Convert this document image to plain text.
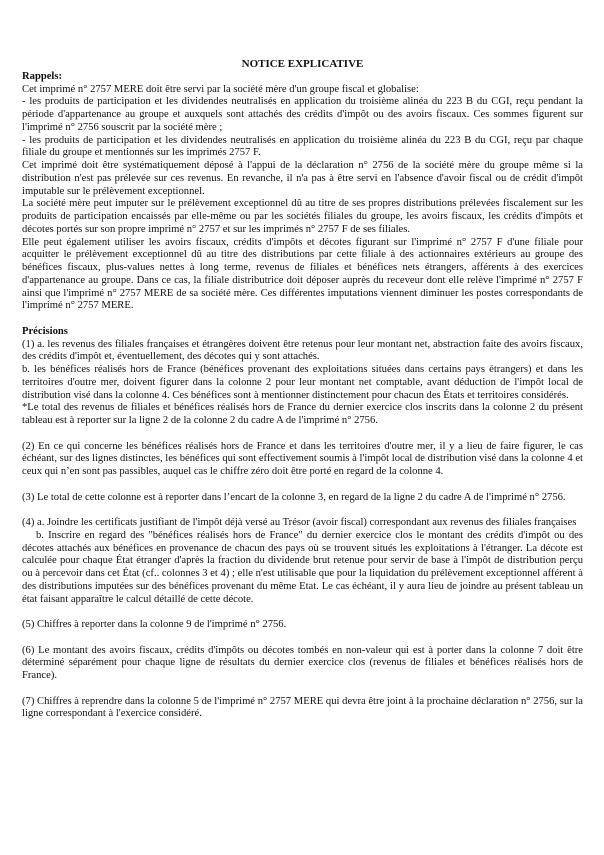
NOTICE EXPLICATIVE

Rappels:

Cet imprimé n° 2757 MERE doit être servi par la société mère d'un groupe fiscal et globalise:

- les produits de participation et les dividendes neutralisés en application du troisième alinéa du 223 B du CGI, reçu pendant la période d'appartenance au groupe et auxquels sont attachés des crédits d'impôt ou des avoirs fiscaux. Ces sommes figurent sur l'imprimé n° 2756 souscrit par la société mère ;

- les produits de participation et les dividendes neutralisés en application du troisième alinéa du 223 B du CGI, reçu par chaque filiale du groupe et mentionnés sur les imprimés 2757 F.

Cet imprimé doit être systématiquement déposé à l'appui de la déclaration n° 2756 de la société mère du groupe même si la distribution n'est pas prélevée sur ces revenus. En revanche, il n'a pas à être servi en l'absence d'avoir fiscal ou de crédit d'impôt imputable sur le prélèvement exceptionnel.

La société mère peut imputer sur le prélèvement exceptionnel dû au titre de ses propres distributions prélevées fiscalement sur les produits de participation encaissés par elle-même ou par les sociétés filiales du groupe, les avoirs fiscaux, les crédits d'impôts et décotes portés sur son propre imprimé n° 2757 et sur les imprimés n° 2757 F de ses filiales.

Elle peut également utiliser les avoirs fiscaux, crédits d'impôts et décotes figurant sur l'imprimé n° 2757 F d'une filiale pour acquitter le prélèvement exceptionnel dû au titre des distributions par cette filiale à des actionnaires extérieurs au groupe des bénéfices fiscaux, plus-values nettes à long terme, revenus de filiales et bénéfices nets étrangers, afférents à des exercices d'appartenance au groupe. Dans ce cas, la filiale distributrice doit déposer auprès du receveur dont elle relève l'imprimé n° 2757 F ainsi que l'imprimé n° 2757 MERE de sa société mère. Ces différentes imputations viennent diminuer les postes correspondants de l'imprimé n° 2757 MERE.

Précisions

(1) a. les revenus des filiales françaises et étrangères doivent être retenus pour leur montant net, abstraction faite des avoirs fiscaux, des crédits d'impôt et, éventuellement, des décotes qui y sont attachés.

b. les bénéfices réalisés hors de France (bénéfices provenant des exploitations situées dans certains pays étrangers) et dans les territoires d'outre mer, doivent figurer dans la colonne 2 pour leur montant net comptable, avant déduction de l'impôt local de distribution visé dans la colonne 4. Ces bénéfices sont à mentionner distinctement pour chacun des États et territoires considérés.

*Le total des revenus de filiales et bénéfices réalisés hors de France du dernier exercice clos inscrits dans la colonne 2 du présent tableau est à reporter sur la ligne 2 de la colonne 2 du cadre A de l'imprimé n° 2756.

(2) En ce qui concerne les bénéfices réalisés hors de France et dans les territoires d'outre mer, il y a lieu de faire figurer, le cas échéant, sur des lignes distinctes, les bénéfices qui sont effectivement soumis à l'impôt local de distribution visé dans la colonne 4 et ceux qui n’en sont pas passibles, auquel cas le chiffre zéro doit être porté en regard de la colonne 4.

(3) Le total de cette colonne est à reporter dans l’encart de la colonne 3, en regard de la ligne 2 du cadre A de l'imprimé n° 2756.

(4) a. Joindre les certificats justifiant de l'impôt déjà versé au Trésor (avoir fiscal) correspondant aux revenus des filiales françaises

b. Inscrire en regard des "bénéfices réalisés hors de France" du dernier exercice clos le montant des crédits d'impôt ou des décotes attachés aux bénéfices en provenance de chacun des pays où se trouvent situés les exploitations à l'étranger. La décote est calculée pour chaque État étranger d'après la fraction du dividende brut retenue pour servir de base à l'impôt de distribution perçu ou à percevoir dans cet État (cf.. colonnes 3 et 4) ; elle n'est utilisable que pour la liquidation du prélèvement exceptionnel afférent à des distributions imputées sur des bénéfices provenant du même Etat. Le cas échéant, il y aura lieu de joindre au présent tableau un état faisant apparaître le calcul détaillé de cette décote.

(5) Chiffres à reporter dans la colonne 9 de l'imprimé n° 2756.

(6) Le montant des avoirs fiscaux, crédits d'impôts ou décotes tombés en non-valeur qui est à porter dans la colonne 7 doit être déterminé séparément pour chaque ligne de résultats du dernier exercice clos (revenus de filiales et bénéfices réalisés hors de France).

(7) Chiffres à reprendre dans la colonne 5 de l'imprimé n° 2757 MERE qui devra être joint à la prochaine déclaration n° 2756, sur la ligne correspondant à l'exercice considéré.
